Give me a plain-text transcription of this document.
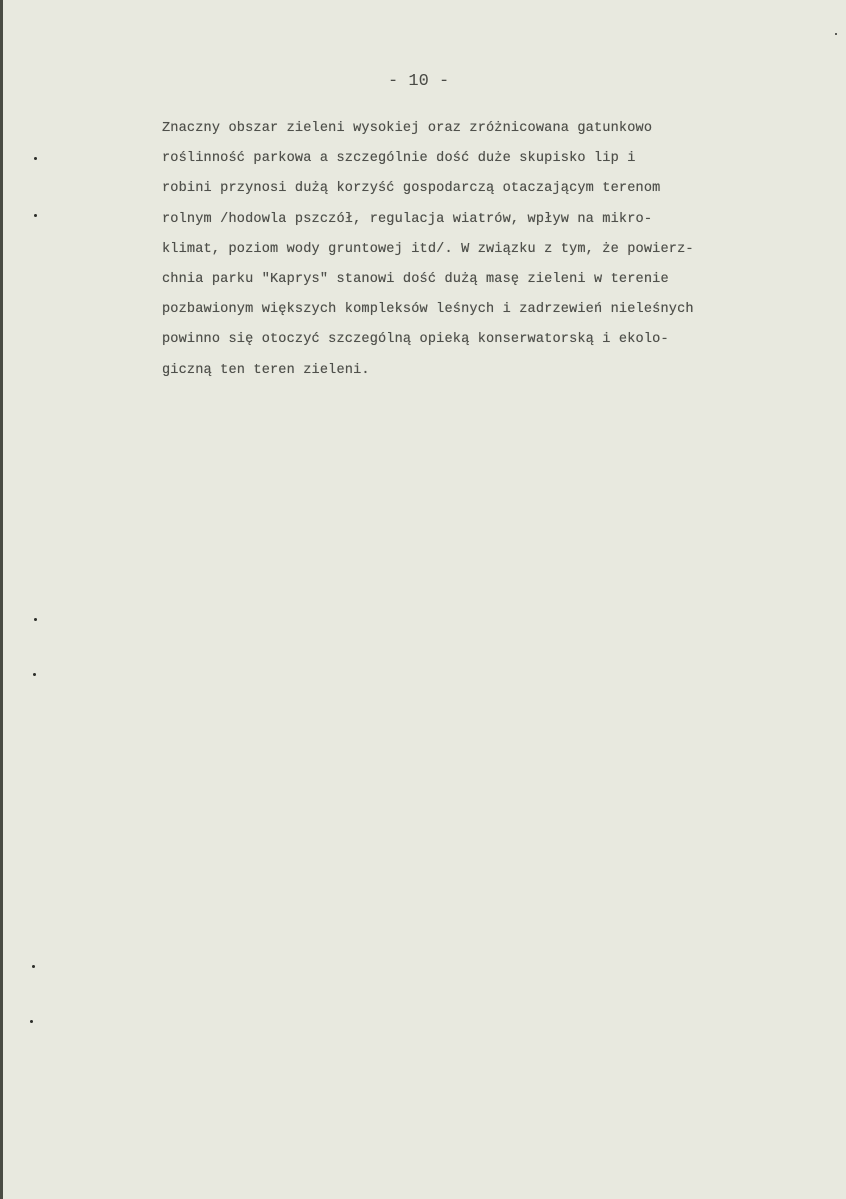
- 10 -
Znaczny obszar zieleni wysokiej oraz zróżnicowana gatunkowo
roślinność parkowa a szczególnie dość duże skupisko lip i
robini przynosi dużą korzyść gospodarczą otaczającym terenom
rolnym /hodowla pszczół, regulacja wiatrów, wpływ na mikro-
klimat, poziom wody gruntowej itd/. W związku z tym, że powierz-
chnia parku "Kaprys" stanowi dość dużą masę zieleni w terenie
pozbawionym większych kompleksów leśnych i zadrzewień nieleśnych
powinno się otoczyć szczególną opieką konserwatorską i ekolo-
giczną ten teren zieleni.
